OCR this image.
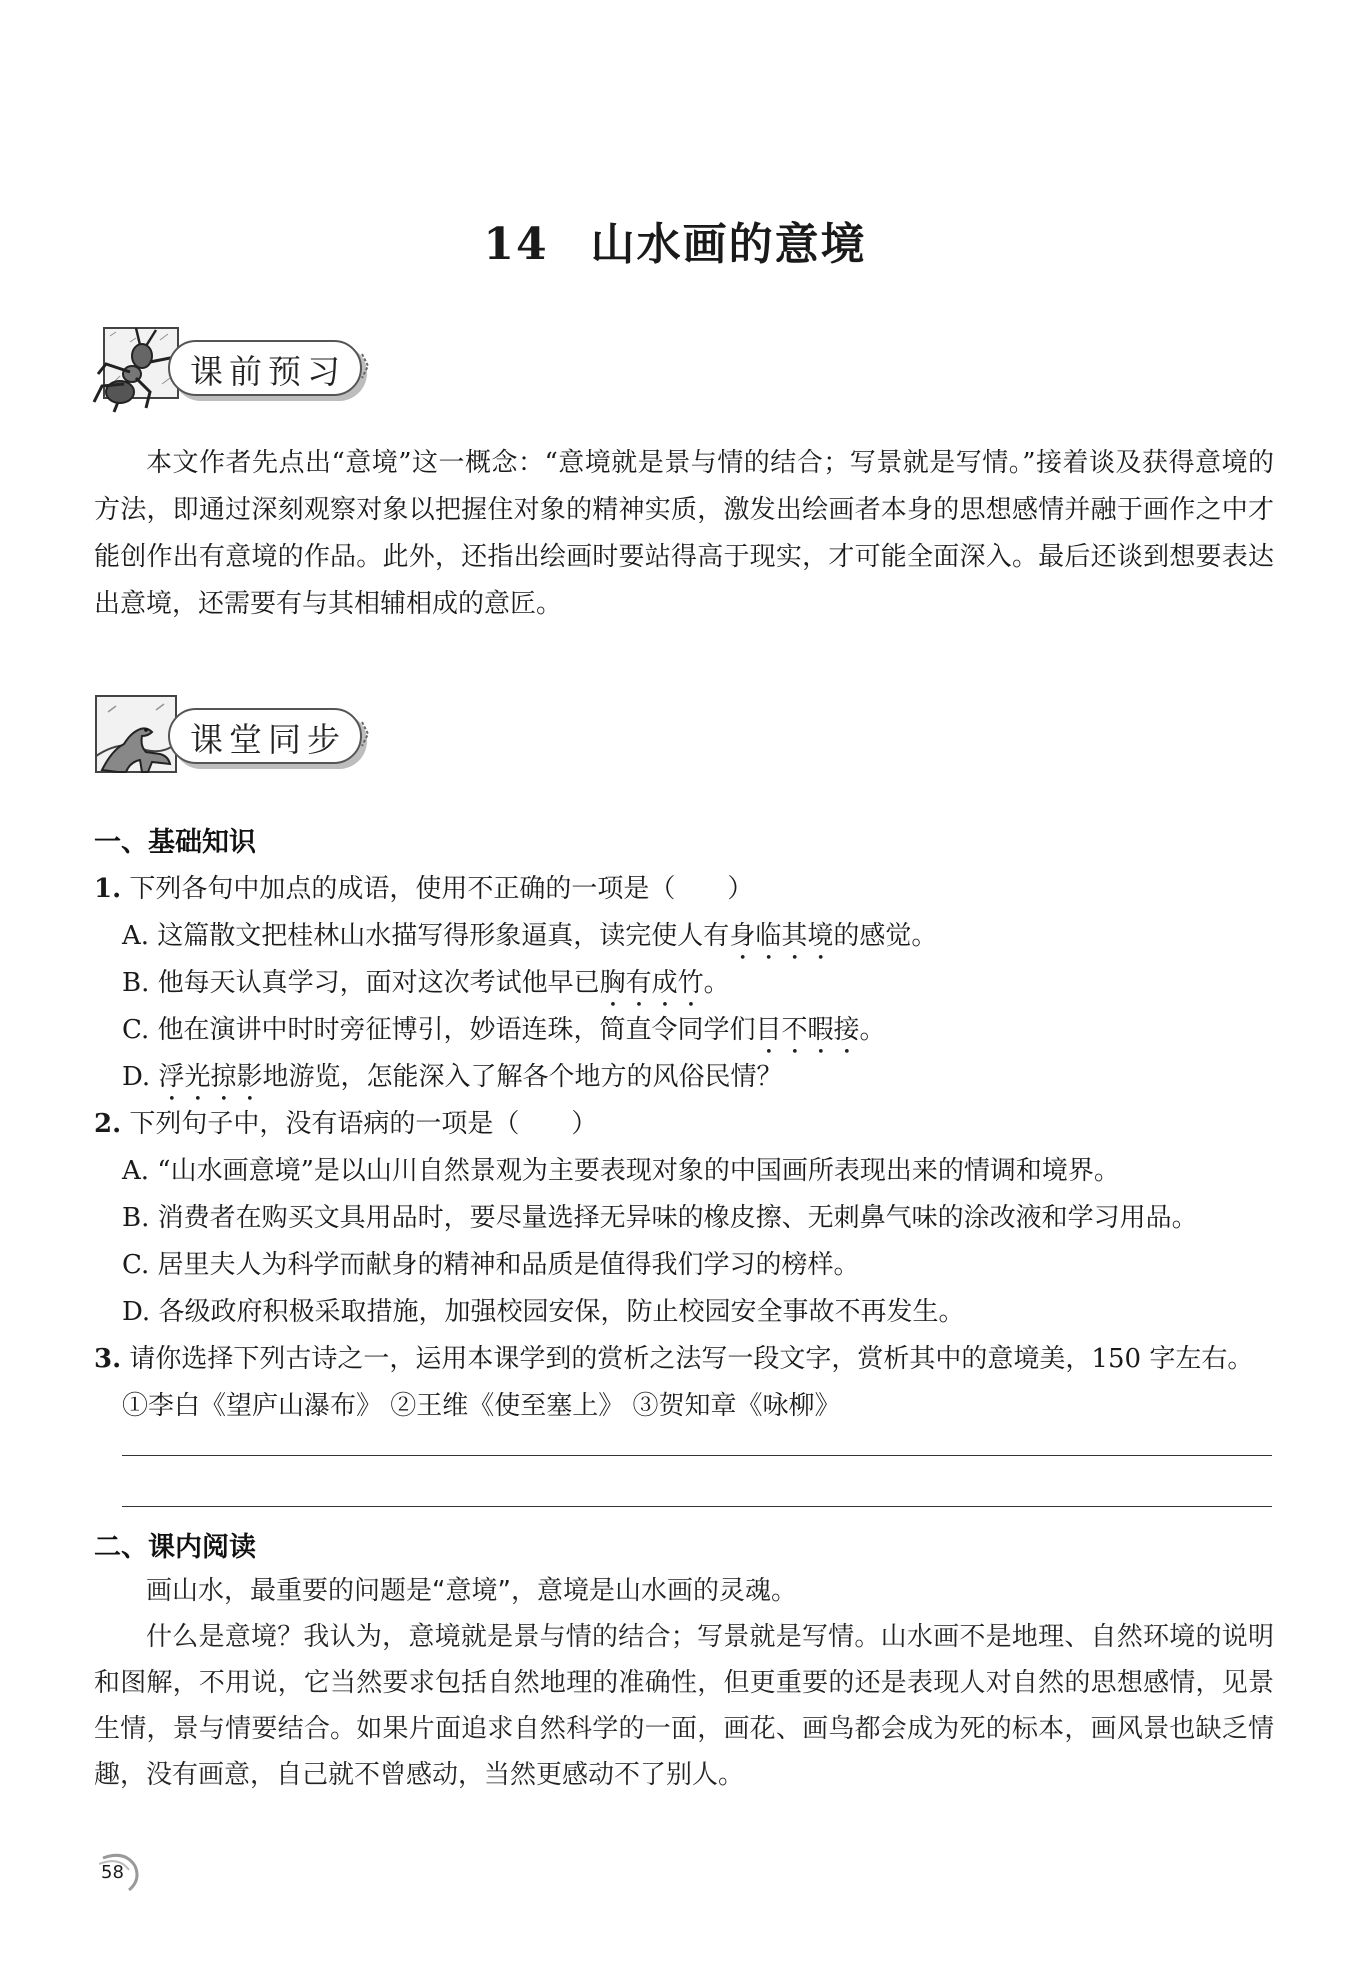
14 山水画的意境
课前预习
本文作者先点出“意境”这一概念：“意境就是景与情的结合；写景就是写情。”接着谈及获得意境的方法，即通过深刻观察对象以把握住对象的精神实质，激发出绘画者本身的思想感情并融于画作之中才能创作出有意境的作品。此外，还指出绘画时要站得高于现实，才可能全面深入。最后还谈到想要表达出意境，还需要有与其相辅相成的意匠。
课堂同步
一、基础知识
1. 下列各句中加点的成语，使用不正确的一项是（　　）
A. 这篇散文把桂林山水描写得形象逼真，读完使人有身临其境的感觉。
B. 他每天认真学习，面对这次考试他早已胸有成竹。
C. 他在演讲中时时旁征博引，妙语连珠，简直令同学们目不暇接。
D. 浮光掠影地游览，怎能深入了解各个地方的风俗民情？
2. 下列句子中，没有语病的一项是（　　）
A. “山水画意境”是以山川自然景观为主要表现对象的中国画所表现出来的情调和境界。
B. 消费者在购买文具用品时，要尽量选择无异味的橡皮擦、无刺鼻气味的涂改液和学习用品。
C. 居里夫人为科学而献身的精神和品质是值得我们学习的榜样。
D. 各级政府积极采取措施，加强校园安保，防止校园安全事故不再发生。
3. 请你选择下列古诗之一，运用本课学到的赏析之法写一段文字，赏析其中的意境美，150 字左右。
①李白《望庐山瀑布》 ②王维《使至塞上》 ③贺知章《咏柳》
二、课内阅读
画山水，最重要的问题是“意境”，意境是山水画的灵魂。
什么是意境？我认为，意境就是景与情的结合；写景就是写情。山水画不是地理、自然环境的说明和图解，不用说，它当然要求包括自然地理的准确性，但更重要的还是表现人对自然的思想感情，见景生情，景与情要结合。如果片面追求自然科学的一面，画花、画鸟都会成为死的标本，画风景也缺乏情趣，没有画意，自己就不曾感动，当然更感动不了别人。
58
